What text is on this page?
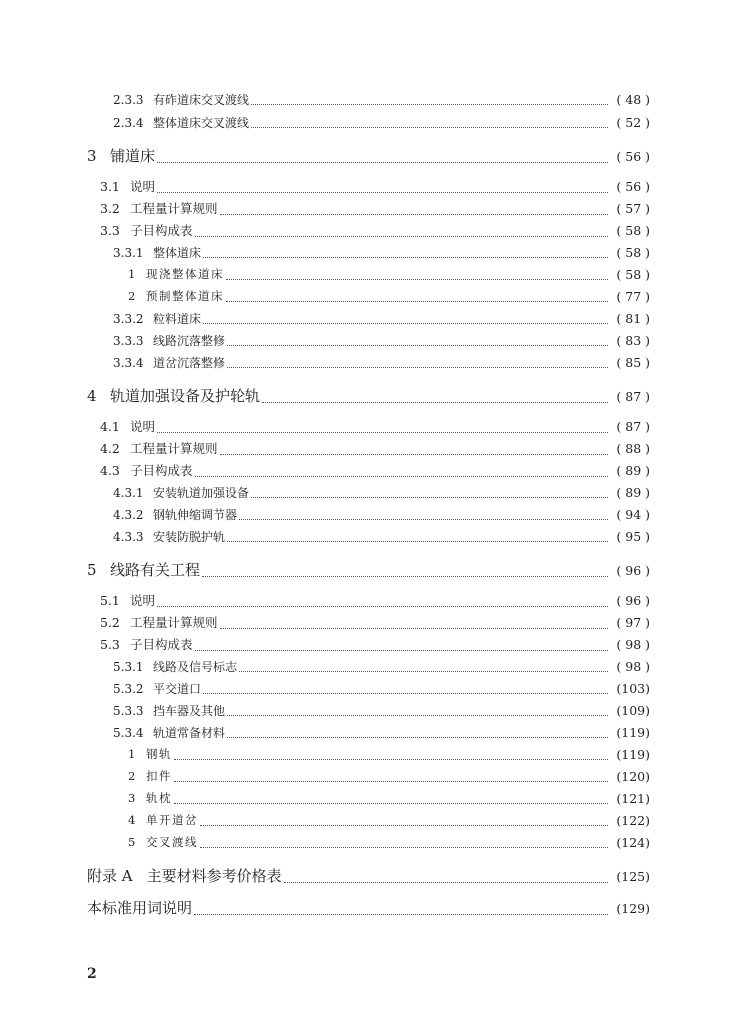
2.3.3 有砟道床交叉渡线	( 48 )
2.3.4 整体道床交叉渡线	( 52 )
3 铺道床	( 56 )
3.1 说明	( 56 )
3.2 工程量计算规则	( 57 )
3.3 子目构成表	( 58 )
3.3.1 整体道床	( 58 )
1 现浇整体道床	( 58 )
2 预制整体道床	( 77 )
3.3.2 粒料道床	( 81 )
3.3.3 线路沉落整修	( 83 )
3.3.4 道岔沉落整修	( 85 )
4 轨道加强设备及护轮轨	( 87 )
4.1 说明	( 87 )
4.2 工程量计算规则	( 88 )
4.3 子目构成表	( 89 )
4.3.1 安装轨道加强设备	( 89 )
4.3.2 钢轨伸缩调节器	( 94 )
4.3.3 安装防脱护轨	( 95 )
5 线路有关工程	( 96 )
5.1 说明	( 96 )
5.2 工程量计算规则	( 97 )
5.3 子目构成表	( 98 )
5.3.1 线路及信号标志	( 98 )
5.3.2 平交道口	(103)
5.3.3 挡车器及其他	(109)
5.3.4 轨道常备材料	(119)
1 钢轨	(119)
2 扣件	(120)
3 轨枕	(121)
4 单开道岔	(122)
5 交叉渡线	(124)
附录 A 主要材料参考价格表	(125)
本标准用词说明	(129)
2
